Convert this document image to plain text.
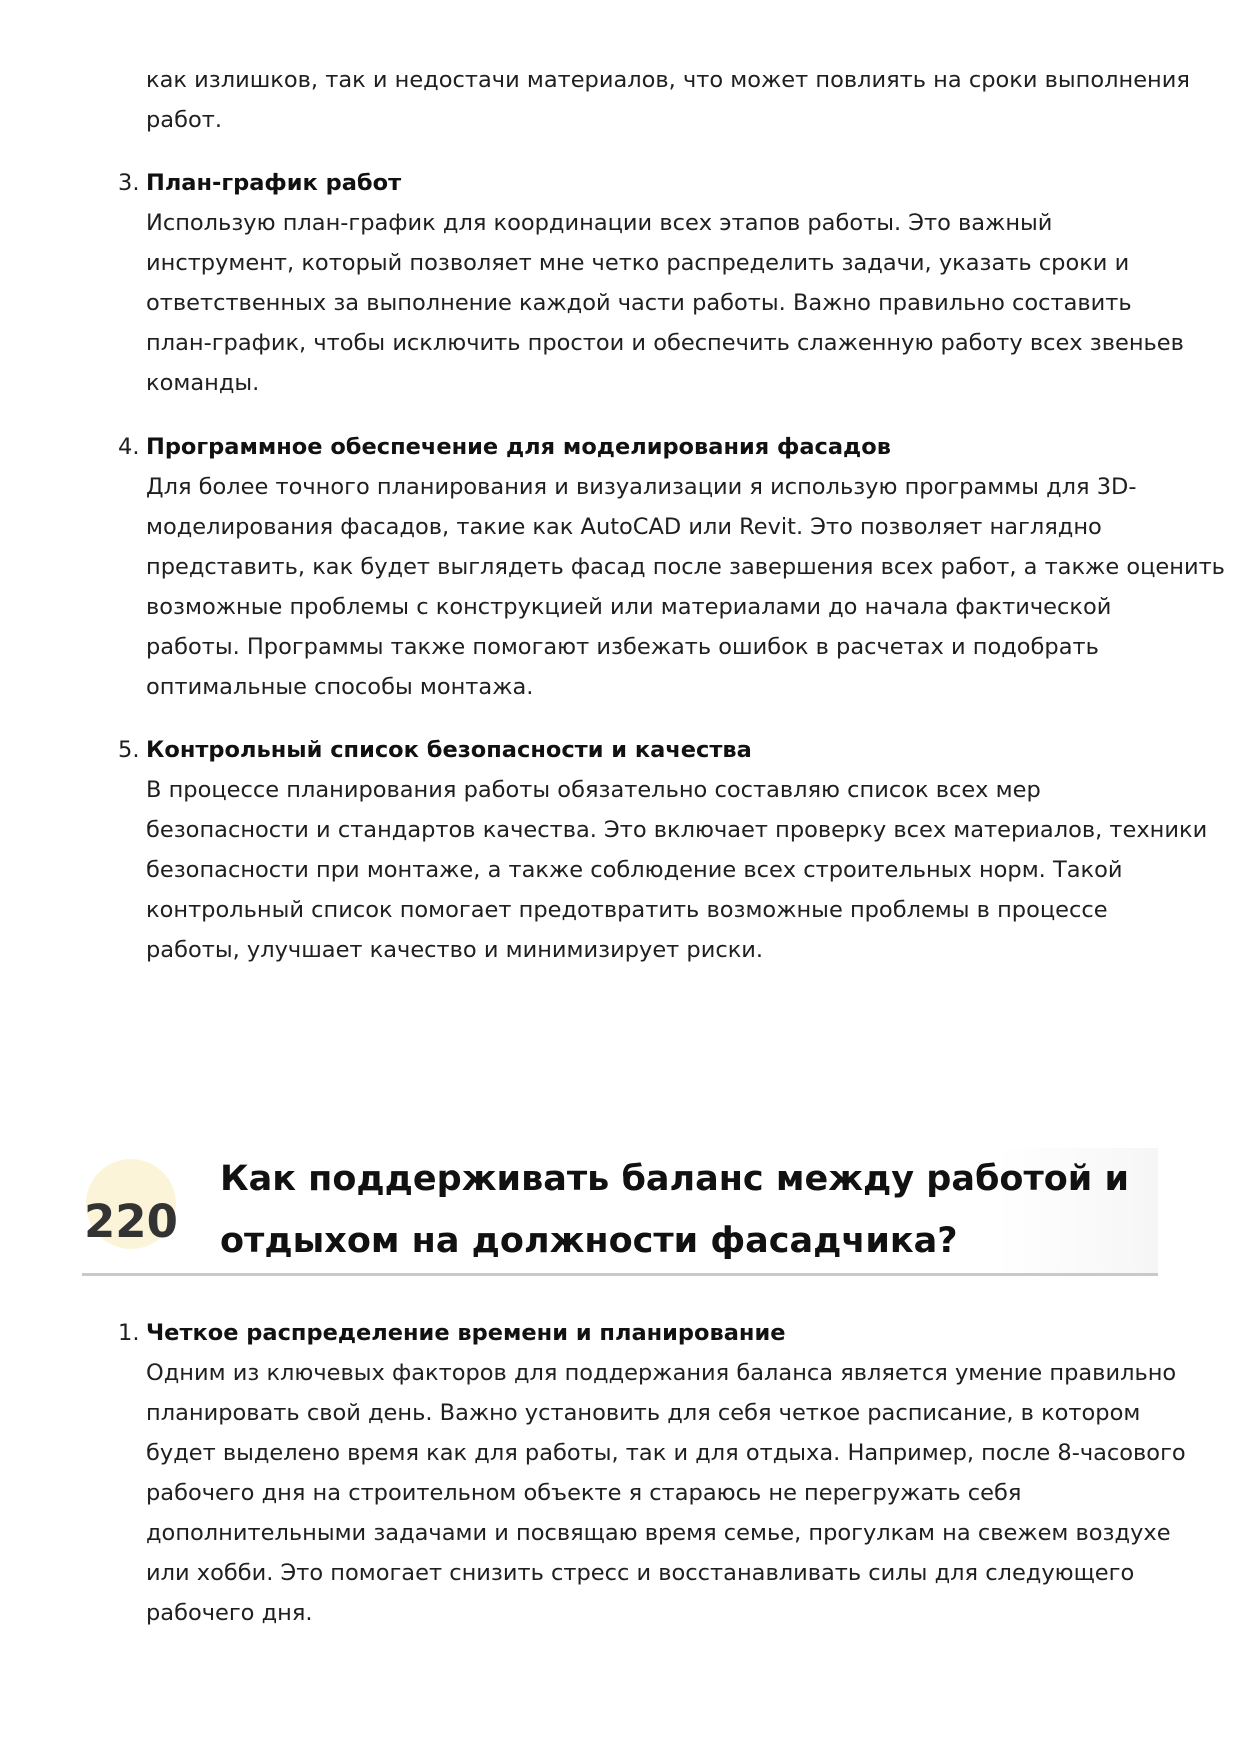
как излишков, так и недостачи материалов, что может повлиять на сроки выполнения
работ.
3. План-график работ
Использую план-график для координации всех этапов работы. Это важный
инструмент, который позволяет мне четко распределить задачи, указать сроки и
ответственных за выполнение каждой части работы. Важно правильно составить
план-график, чтобы исключить простои и обеспечить слаженную работу всех звеньев
команды.
4. Программное обеспечение для моделирования фасадов
Для более точного планирования и визуализации я использую программы для 3D-
моделирования фасадов, такие как AutoCAD или Revit. Это позволяет наглядно
представить, как будет выглядеть фасад после завершения всех работ, а также оценить
возможные проблемы с конструкцией или материалами до начала фактической
работы. Программы также помогают избежать ошибок в расчетах и подобрать
оптимальные способы монтажа.
5. Контрольный список безопасности и качества
В процессе планирования работы обязательно составляю список всех мер
безопасности и стандартов качества. Это включает проверку всех материалов, техники
безопасности при монтаже, а также соблюдение всех строительных норм. Такой
контрольный список помогает предотвратить возможные проблемы в процессе
работы, улучшает качество и минимизирует риски.
220
Как поддерживать баланс между работой и
отдыхом на должности фасадчика?
1. Четкое распределение времени и планирование
Одним из ключевых факторов для поддержания баланса является умение правильно
планировать свой день. Важно установить для себя четкое расписание, в котором
будет выделено время как для работы, так и для отдыха. Например, после 8-часового
рабочего дня на строительном объекте я стараюсь не перегружать себя
дополнительными задачами и посвящаю время семье, прогулкам на свежем воздухе
или хобби. Это помогает снизить стресс и восстанавливать силы для следующего
рабочего дня.
